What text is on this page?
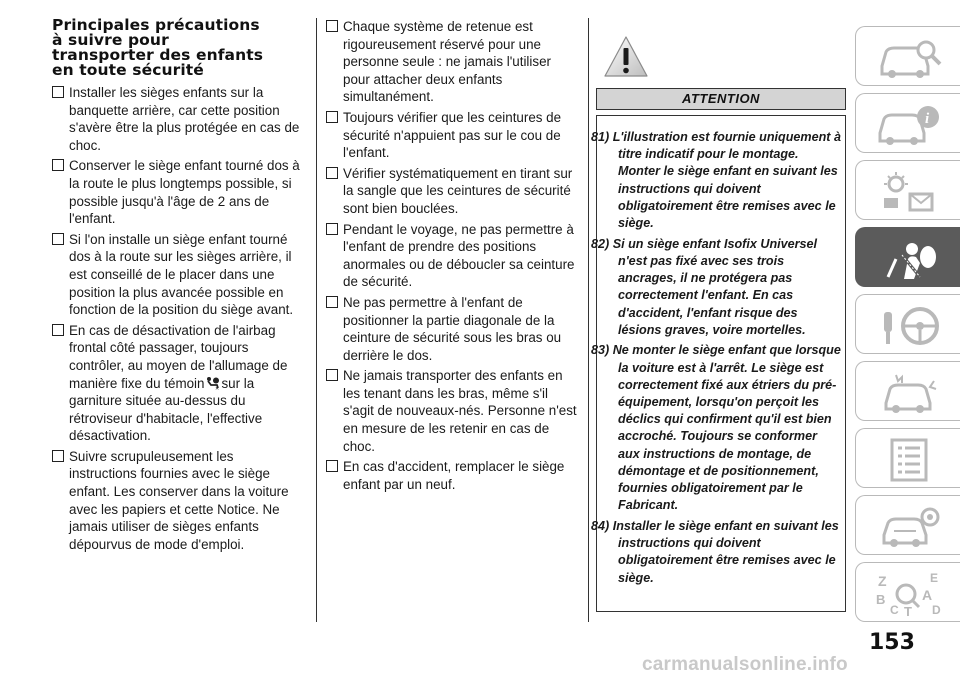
Principales précautions
à suivre pour
transporter des enfants
en toute sécurité
Installer les sièges enfants sur la banquette arrière, car cette position s'avère être la plus protégée en cas de choc.
Conserver le siège enfant tourné dos à la route le plus longtemps possible, si possible jusqu'à l'âge de 2 ans de l'enfant.
Si l'on installe un siège enfant tourné dos à la route sur les sièges arrière, il est conseillé de le placer dans une position la plus avancée possible en fonction de la position du siège avant.
En cas de désactivation de l'airbag frontal côté passager, toujours contrôler, au moyen de l'allumage de manière fixe du témoin ✕ sur la garniture située au-dessus du rétroviseur d'habitacle, l'effective désactivation.
Suivre scrupuleusement les instructions fournies avec le siège enfant. Les conserver dans la voiture avec les papiers et cette Notice. Ne jamais utiliser de sièges enfants dépourvus de mode d'emploi.
Chaque système de retenue est rigoureusement réservé pour une personne seule : ne jamais l'utiliser pour attacher deux enfants simultanément.
Toujours vérifier que les ceintures de sécurité n'appuient pas sur le cou de l'enfant.
Vérifier systématiquement en tirant sur la sangle que les ceintures de sécurité sont bien bouclées.
Pendant le voyage, ne pas permettre à l'enfant de prendre des positions anormales ou de déboucler sa ceinture de sécurité.
Ne pas permettre à l'enfant de positionner la partie diagonale de la ceinture de sécurité sous les bras ou derrière le dos.
Ne jamais transporter des enfants en les tenant dans les bras, même s'il s'agit de nouveaux-nés. Personne n'est en mesure de les retenir en cas de choc.
En cas d'accident, remplacer le siège enfant par un neuf.
ATTENTION
81) L'illustration est fournie uniquement à titre indicatif pour le montage. Monter le siège enfant en suivant les instructions qui doivent obligatoirement être remises avec le siège.
82) Si un siège enfant Isofix Universel n'est pas fixé avec ses trois ancrages, il ne protégera pas correctement l'enfant. En cas d'accident, l'enfant risque des lésions graves, voire mortelles.
83) Ne monter le siège enfant que lorsque la voiture est à l'arrêt. Le siège est correctement fixé aux étriers du pré-équipement, lorsqu'on perçoit les déclics qui confirment qu'il est bien accroché. Toujours se conformer aux instructions de montage, de démontage et de positionnement, fournies obligatoirement par le Fabricant.
84) Installer le siège enfant en suivant les instructions qui doivent obligatoirement être remises avec le siège.
i
Z	E
B	A
C T D
153
carmanualsonline.info
